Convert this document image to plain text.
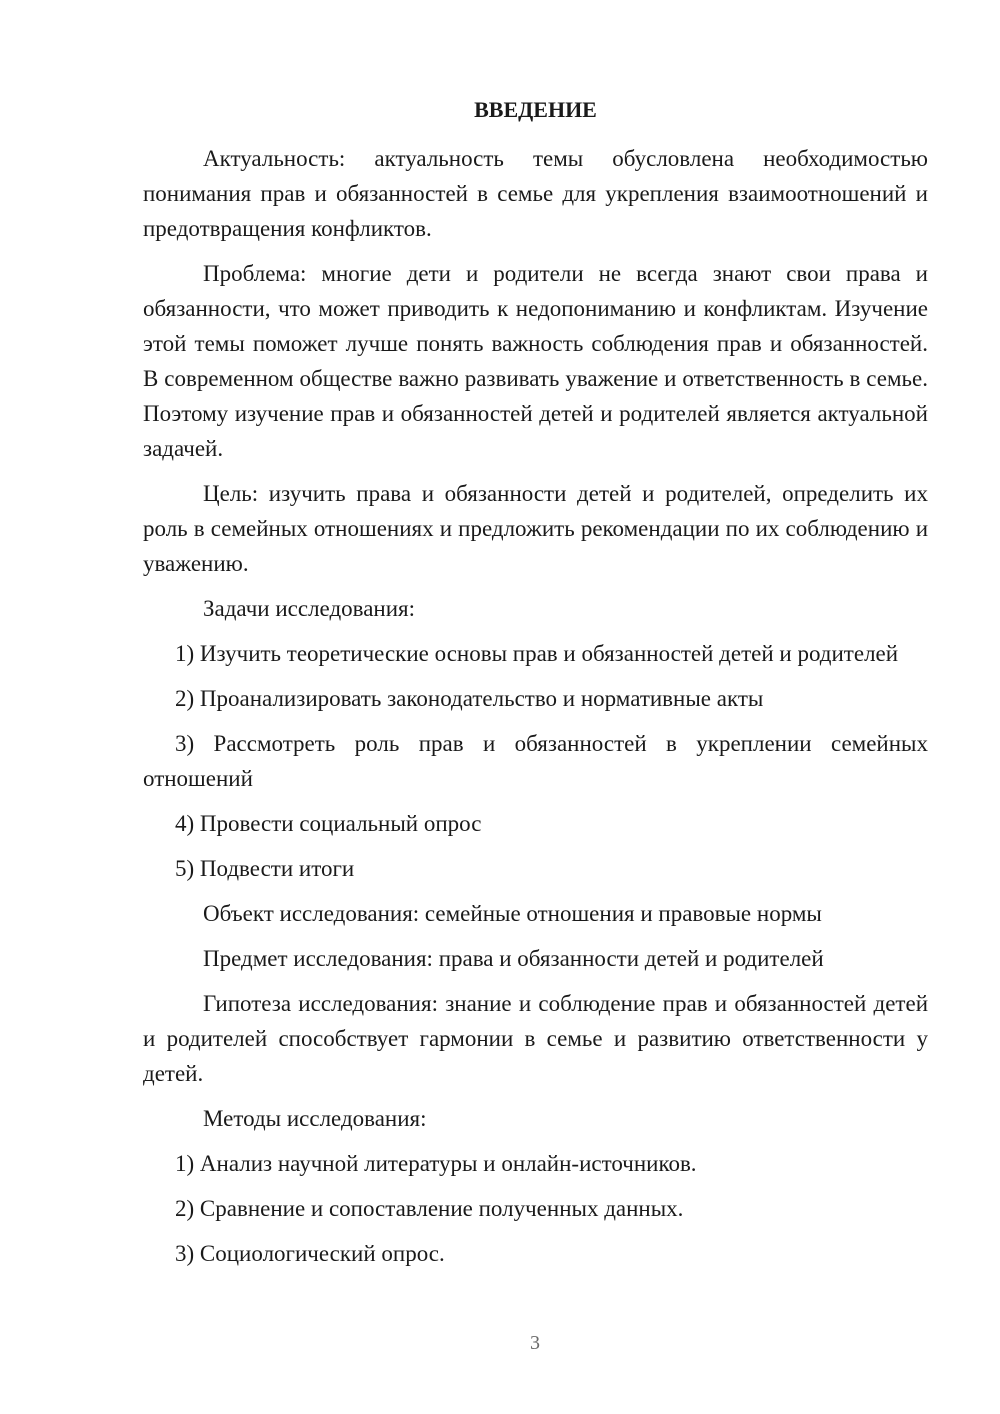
ВВЕДЕНИЕ

Актуальность: актуальность темы обусловлена необходимостью понимания прав и обязанностей в семье для укрепления взаимоотношений и предотвращения конфликтов.

Проблема: многие дети и родители не всегда знают свои права и обязанности, что может приводить к недопониманию и конфликтам. Изучение этой темы поможет лучше понять важность соблюдения прав и обязанностей. В современном обществе важно развивать уважение и ответственность в семье. Поэтому изучение прав и обязанностей детей и родителей является актуальной задачей.

Цель: изучить права и обязанности детей и родителей, определить их роль в семейных отношениях и предложить рекомендации по их соблюдению и уважению.

Задачи исследования:

1) Изучить теоретические основы прав и обязанностей детей и родителей

2) Проанализировать законодательство и нормативные акты

3) Рассмотреть роль прав и обязанностей в укреплении семейных отношений

4) Провести социальный опрос

5) Подвести итоги

Объект исследования: семейные отношения и правовые нормы

Предмет исследования: права и обязанности детей и родителей

Гипотеза исследования: знание и соблюдение прав и обязанностей детей и родителей способствует гармонии в семье и развитию ответственности у детей.

Методы исследования:

1) Анализ научной литературы и онлайн-источников.

2) Сравнение и сопоставление полученных данных.

3) Социологический опрос.

3
